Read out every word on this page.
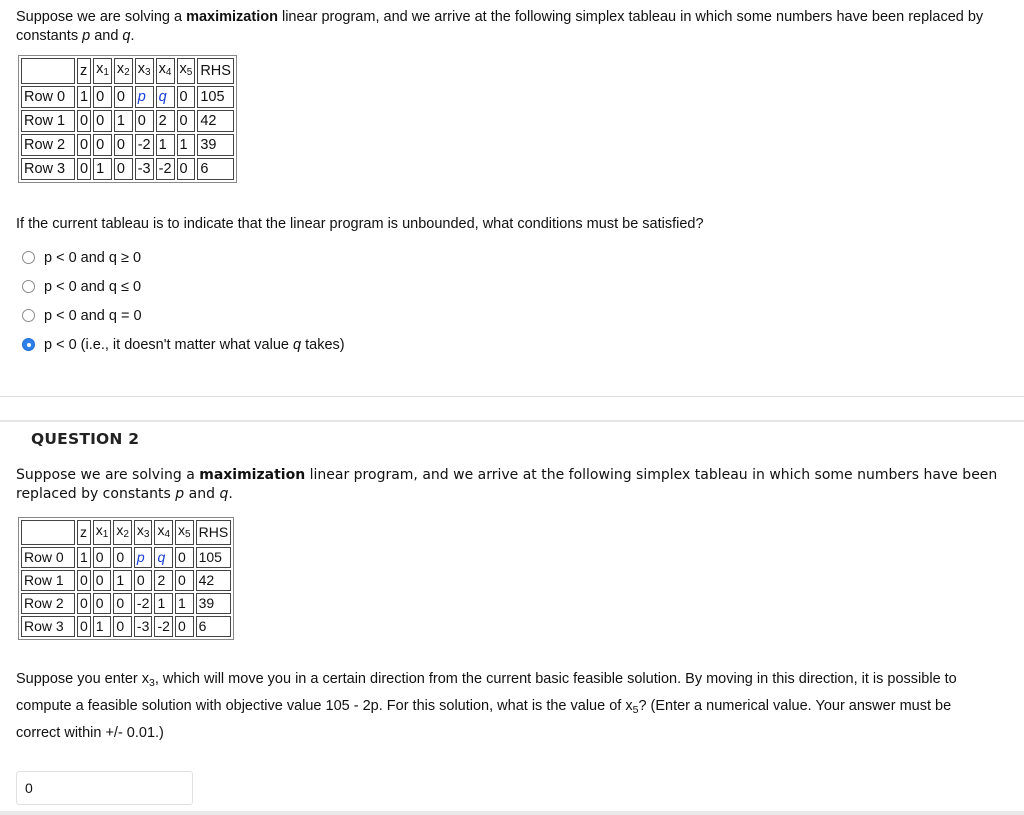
Suppose we are solving a maximization linear program, and we arrive at the following simplex tableau in which some numbers have been replaced by constants p and q.

	z	$x_1$	$x_2$	$x_3$	$x_4$	$x_5$	RHS
Row 0	1	0	0	p	q	0	105
Row 1	0	0	1	0	2	0	42
Row 2	0	0	0	-2	1	1	39
Row 3	0	1	0	-3	-2	0	6
If the current tableau is to indicate that the linear program is unbounded, what conditions must be satisfied?
p < 0 and q ≥ 0
p < 0 and q ≤ 0
p < 0 and q = 0
p < 0 (i.e., it doesn't matter what value q takes)
QUESTION 2

Suppose we are solving a maximization linear program, and we arrive at the following simplex tableau in which some numbers have been replaced by constants p and q.

	z	$x_1$	$x_2$	$x_3$	$x_4$	$x_5$	RHS
Row 0	1	0	0	p	q	0	105
Row 1	0	0	1	0	2	0	42
Row 2	0	0	0	-2	1	1	39
Row 3	0	1	0	-3	-2	0	6
Suppose you enter $x_3$, which will move you in a certain direction from the current basic feasible solution. By moving in this direction, it is possible to compute a feasible solution with objective value 105 - 2p. For this solution, what is the value of $x_5$? (Enter a numerical value. Your answer must be correct within +/- 0.01.)
0
